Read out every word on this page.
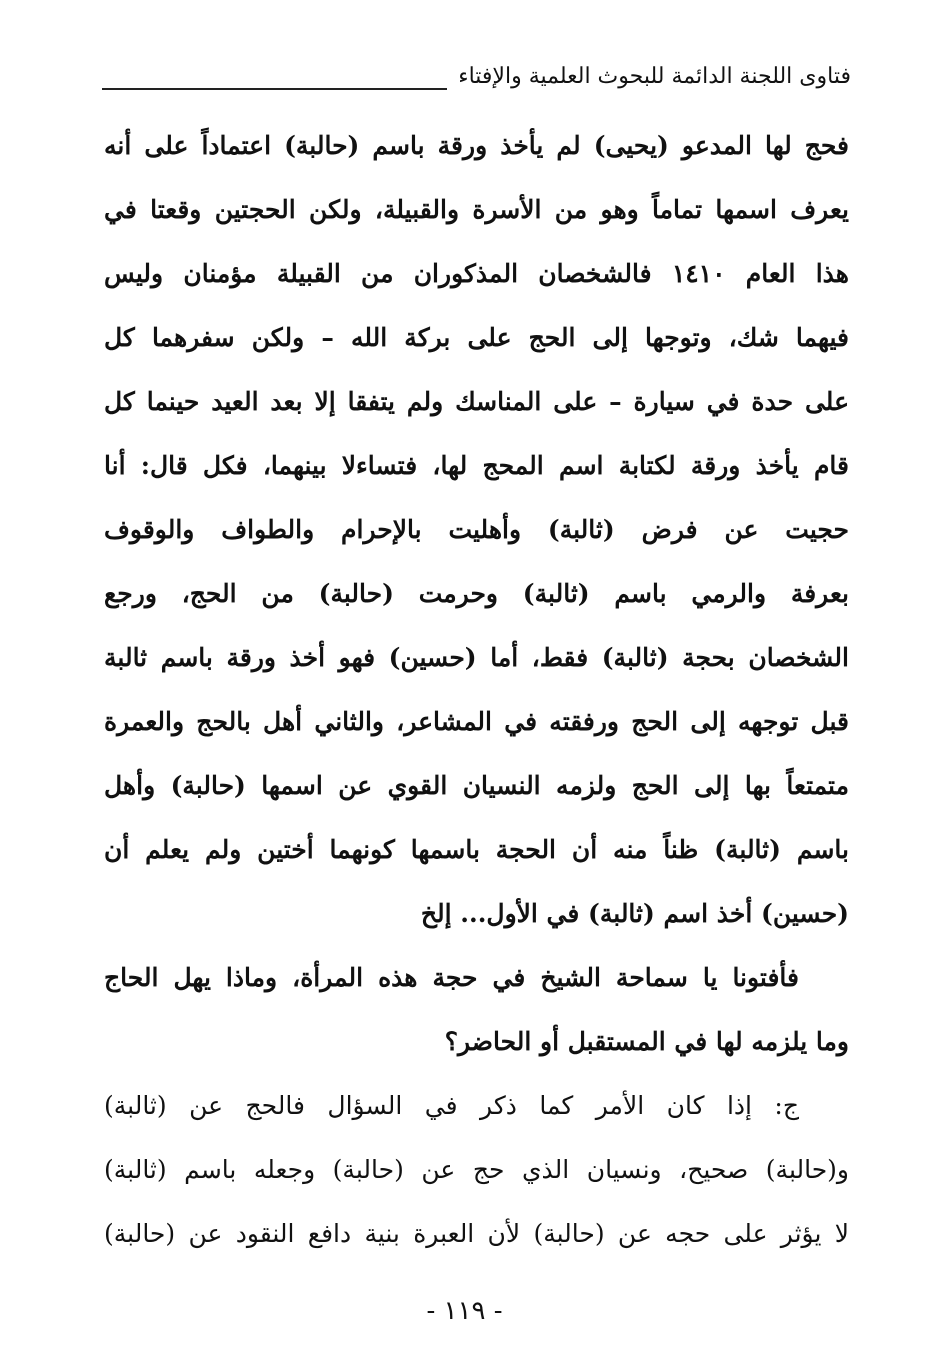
فتاوى اللجنة الدائمة للبحوث العلمية والإفتاء
فحج لها المدعو (يحيى) لم يأخذ ورقة باسم (حالبة) اعتماداً على أنه
يعرف اسمها تماماً وهو من الأسرة والقبيلة، ولكن الحجتين وقعتا في
هذا العام ١٤١٠ فالشخصان المذكوران من القبيلة مؤمنان وليس
فيهما شك، وتوجها إلى الحج على بركة الله – ولكن سفرهما كل
على حدة في سيارة – على المناسك ولم يتفقا إلا بعد العيد حينما كل
قام يأخذ ورقة لكتابة اسم المحج لها، فتساءلا بينهما، فكل قال: أنا
حجيت عن فرض (ثالبة) وأهليت بالإحرام والطواف والوقوف
بعرفة والرمي باسم (ثالبة) وحرمت (حالبة) من الحج، ورجع
الشخصان بحجة (ثالبة) فقط، أما (حسين) فهو أخذ ورقة باسم ثالبة
قبل توجهه إلى الحج ورفقته في المشاعر، والثاني أهل بالحج والعمرة
متمتعاً بها إلى الحج ولزمه النسيان القوي عن اسمها (حالبة) وأهل
باسم (ثالبة) ظناً منه أن الحجة باسمها كونهما أختين ولم يعلم أن
(حسين) أخذ اسم (ثالبة) في الأول... إلخ
فأفتونا يا سماحة الشيخ في حجة هذه المرأة، وماذا يهل الحاج
وما يلزمه لها في المستقبل أو الحاضر؟
ج: إذا كان الأمر كما ذكر في السؤال فالحج عن (ثالبة)
و(حالبة) صحيح، ونسيان الذي حج عن (حالبة) وجعله باسم (ثالبة)
لا يؤثر على حجه عن (حالبة) لأن العبرة بنية دافع النقود عن (حالبة)
- ١١٩ -
